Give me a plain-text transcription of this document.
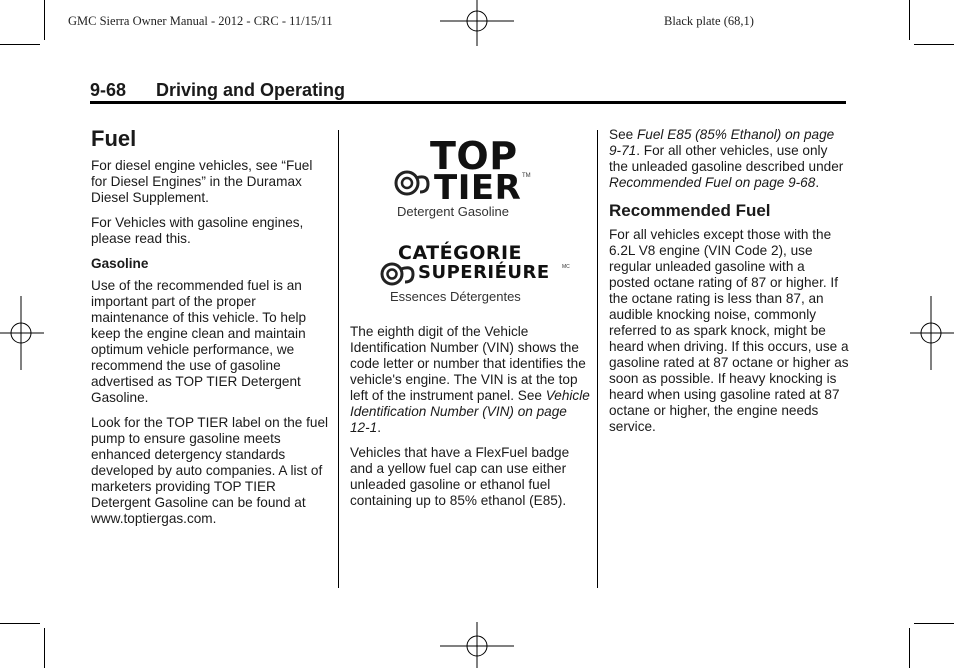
GMC Sierra Owner Manual - 2012 - CRC - 11/15/11	Black plate (68,1)
9-68 Driving and Operating
Fuel

For diesel engine vehicles, see “Fuel for Diesel Engines” in the Duramax Diesel Supplement.

For Vehicles with gasoline engines, please read this.

Gasoline

Use of the recommended fuel is an important part of the proper maintenance of this vehicle. To help keep the engine clean and maintain optimum vehicle performance, we recommend the use of gasoline advertised as TOP TIER Detergent Gasoline.

Look for the TOP TIER label on the fuel pump to ensure gasoline meets enhanced detergency standards developed by auto companies. A list of marketers providing TOP TIER Detergent Gasoline can be found at www.toptiergas.com.

TOP
TIER TM
Detergent Gasoline
CATÉGORIE
SUPERIÉURE MC
Essences Détergentes

The eighth digit of the Vehicle Identification Number (VIN) shows the code letter or number that identifies the vehicle's engine. The VIN is at the top left of the instrument panel. See Vehicle Identification Number (VIN) on page 12-1.

Vehicles that have a FlexFuel badge and a yellow fuel cap can use either unleaded gasoline or ethanol fuel containing up to 85% ethanol (E85).

See Fuel E85 (85% Ethanol) on page 9-71. For all other vehicles, use only the unleaded gasoline described under Recommended Fuel on page 9-68.

Recommended Fuel

For all vehicles except those with the 6.2L V8 engine (VIN Code 2), use regular unleaded gasoline with a posted octane rating of 87 or higher. If the octane rating is less than 87, an audible knocking noise, commonly referred to as spark knock, might be heard when driving. If this occurs, use a gasoline rated at 87 octane or higher as soon as possible. If heavy knocking is heard when using gasoline rated at 87 octane or higher, the engine needs service.
